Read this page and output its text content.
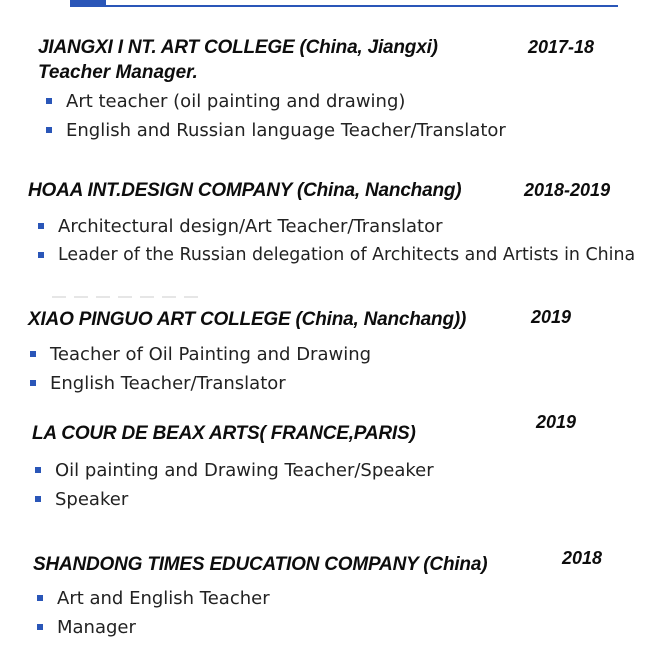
JIANGXI I NT. ART COLLEGE (China, Jiangxi)	2017-18
Teacher Manager.
Art teacher (oil painting and drawing)
English and Russian language Teacher/Translator
HOAA INT.DESIGN COMPANY (China, Nanchang)	2018-2019
Architectural design/Art Teacher/Translator
Leader of the Russian delegation of Architects and Artists in China
XIAO PINGUO ART COLLEGE (China, Nanchang))	2019
Teacher of Oil Painting and Drawing
English Teacher/Translator
LA COUR DE BEAX ARTS( FRANCE,PARIS)
2019
Oil painting and Drawing Teacher/Speaker
Speaker
SHANDONG TIMES EDUCATION COMPANY (China)	2018
Art and English Teacher
Manager
